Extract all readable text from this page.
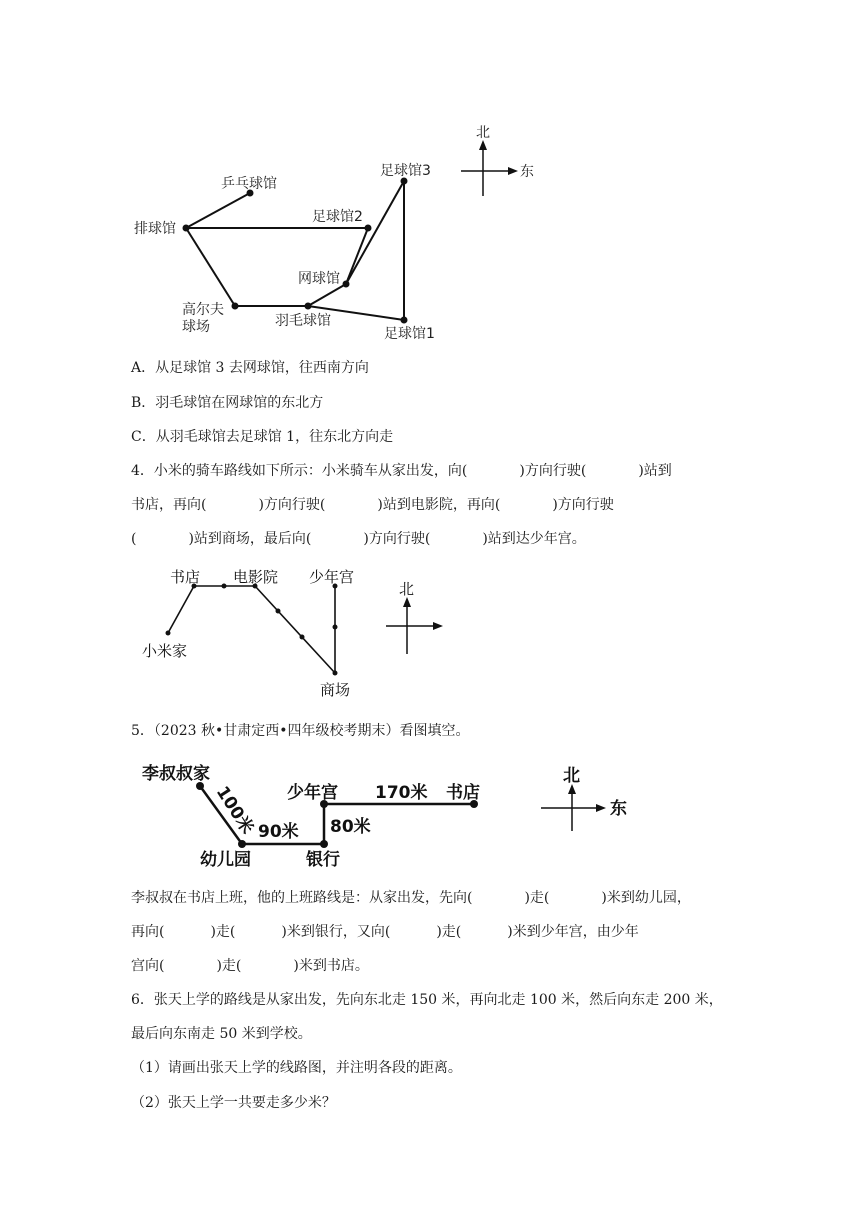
乒乓球馆
排球馆
足球馆2
足球馆3
网球馆
高尔夫
球场	羽毛球馆
足球馆1
北
东
A．从足球馆 3 去网球馆，往西南方向
B．羽毛球馆在网球馆的东北方
C．从羽毛球馆去足球馆 1，往东北方向走
4．小米的骑车路线如下所示：小米骑车从家出发，向(	)方向行驶(	)站到
书店，再向(	)方向行驶(	)站到电影院，再向(	)方向行驶
(	)站到商场，最后向(	)方向行驶(	)站到达少年宫。
书店 电影院 少年宫
小米家
商场
北
5．（2023 秋•甘肃定西•四年级校考期末）看图填空。
李叔叔家
少年宫	书店
幼儿园	银行
100米 90米 80米
170米
北
东
李叔叔在书店上班，他的上班路线是：从家出发，先向(	)走(	)米到幼儿园，
再向(	)走(	)米到银行，又向(	)走(	)米到少年宫，由少年
宫向(	)走(	)米到书店。
6．张天上学的路线是从家出发，先向东北走 150 米，再向北走 100 米，然后向东走 200 米，
最后向东南走 50 米到学校。
（1）请画出张天上学的线路图，并注明各段的距离。
（2）张天上学一共要走多少米？
